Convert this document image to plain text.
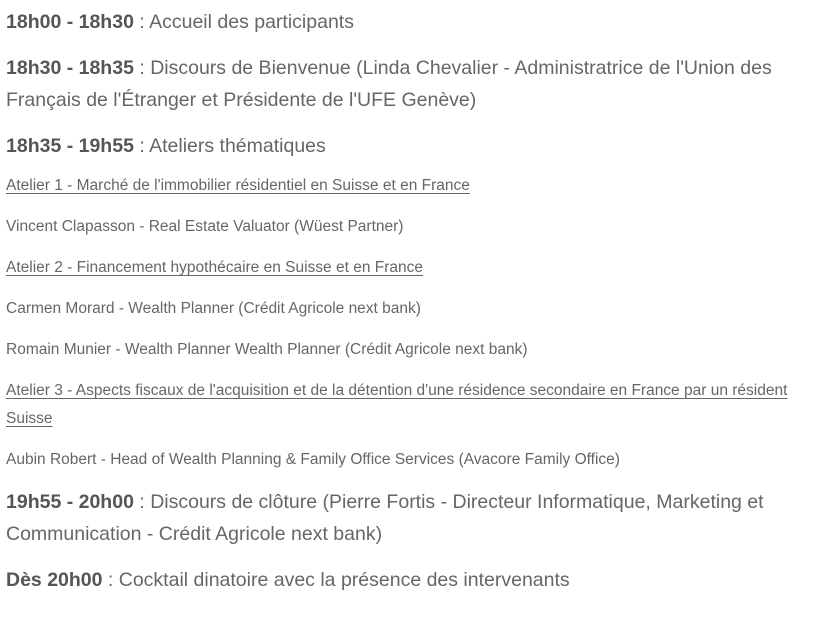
18h00 - 18h30 : Accueil des participants

18h30 - 18h35 : Discours de Bienvenue (Linda Chevalier - Administratrice de l'Union des Français de l'Étranger et Présidente de l'UFE Genève)

18h35 - 19h55 : Ateliers thématiques

Atelier 1 - Marché de l'immobilier résidentiel en Suisse et en France

Vincent Clapasson - Real Estate Valuator (Wüest Partner)

Atelier 2 - Financement hypothécaire en Suisse et en France

Carmen Morard - Wealth Planner (Crédit Agricole next bank)

Romain Munier - Wealth Planner Wealth Planner (Crédit Agricole next bank)

Atelier 3 - Aspects fiscaux de l'acquisition et de la détention d'une résidence secondaire en France par un résident Suisse

Aubin Robert - Head of Wealth Planning & Family Office Services (Avacore Family Office)

19h55 - 20h00 : Discours de clôture (Pierre Fortis - Directeur Informatique, Marketing et Communication - Crédit Agricole next bank)

Dès 20h00 : Cocktail dinatoire avec la présence des intervenants
